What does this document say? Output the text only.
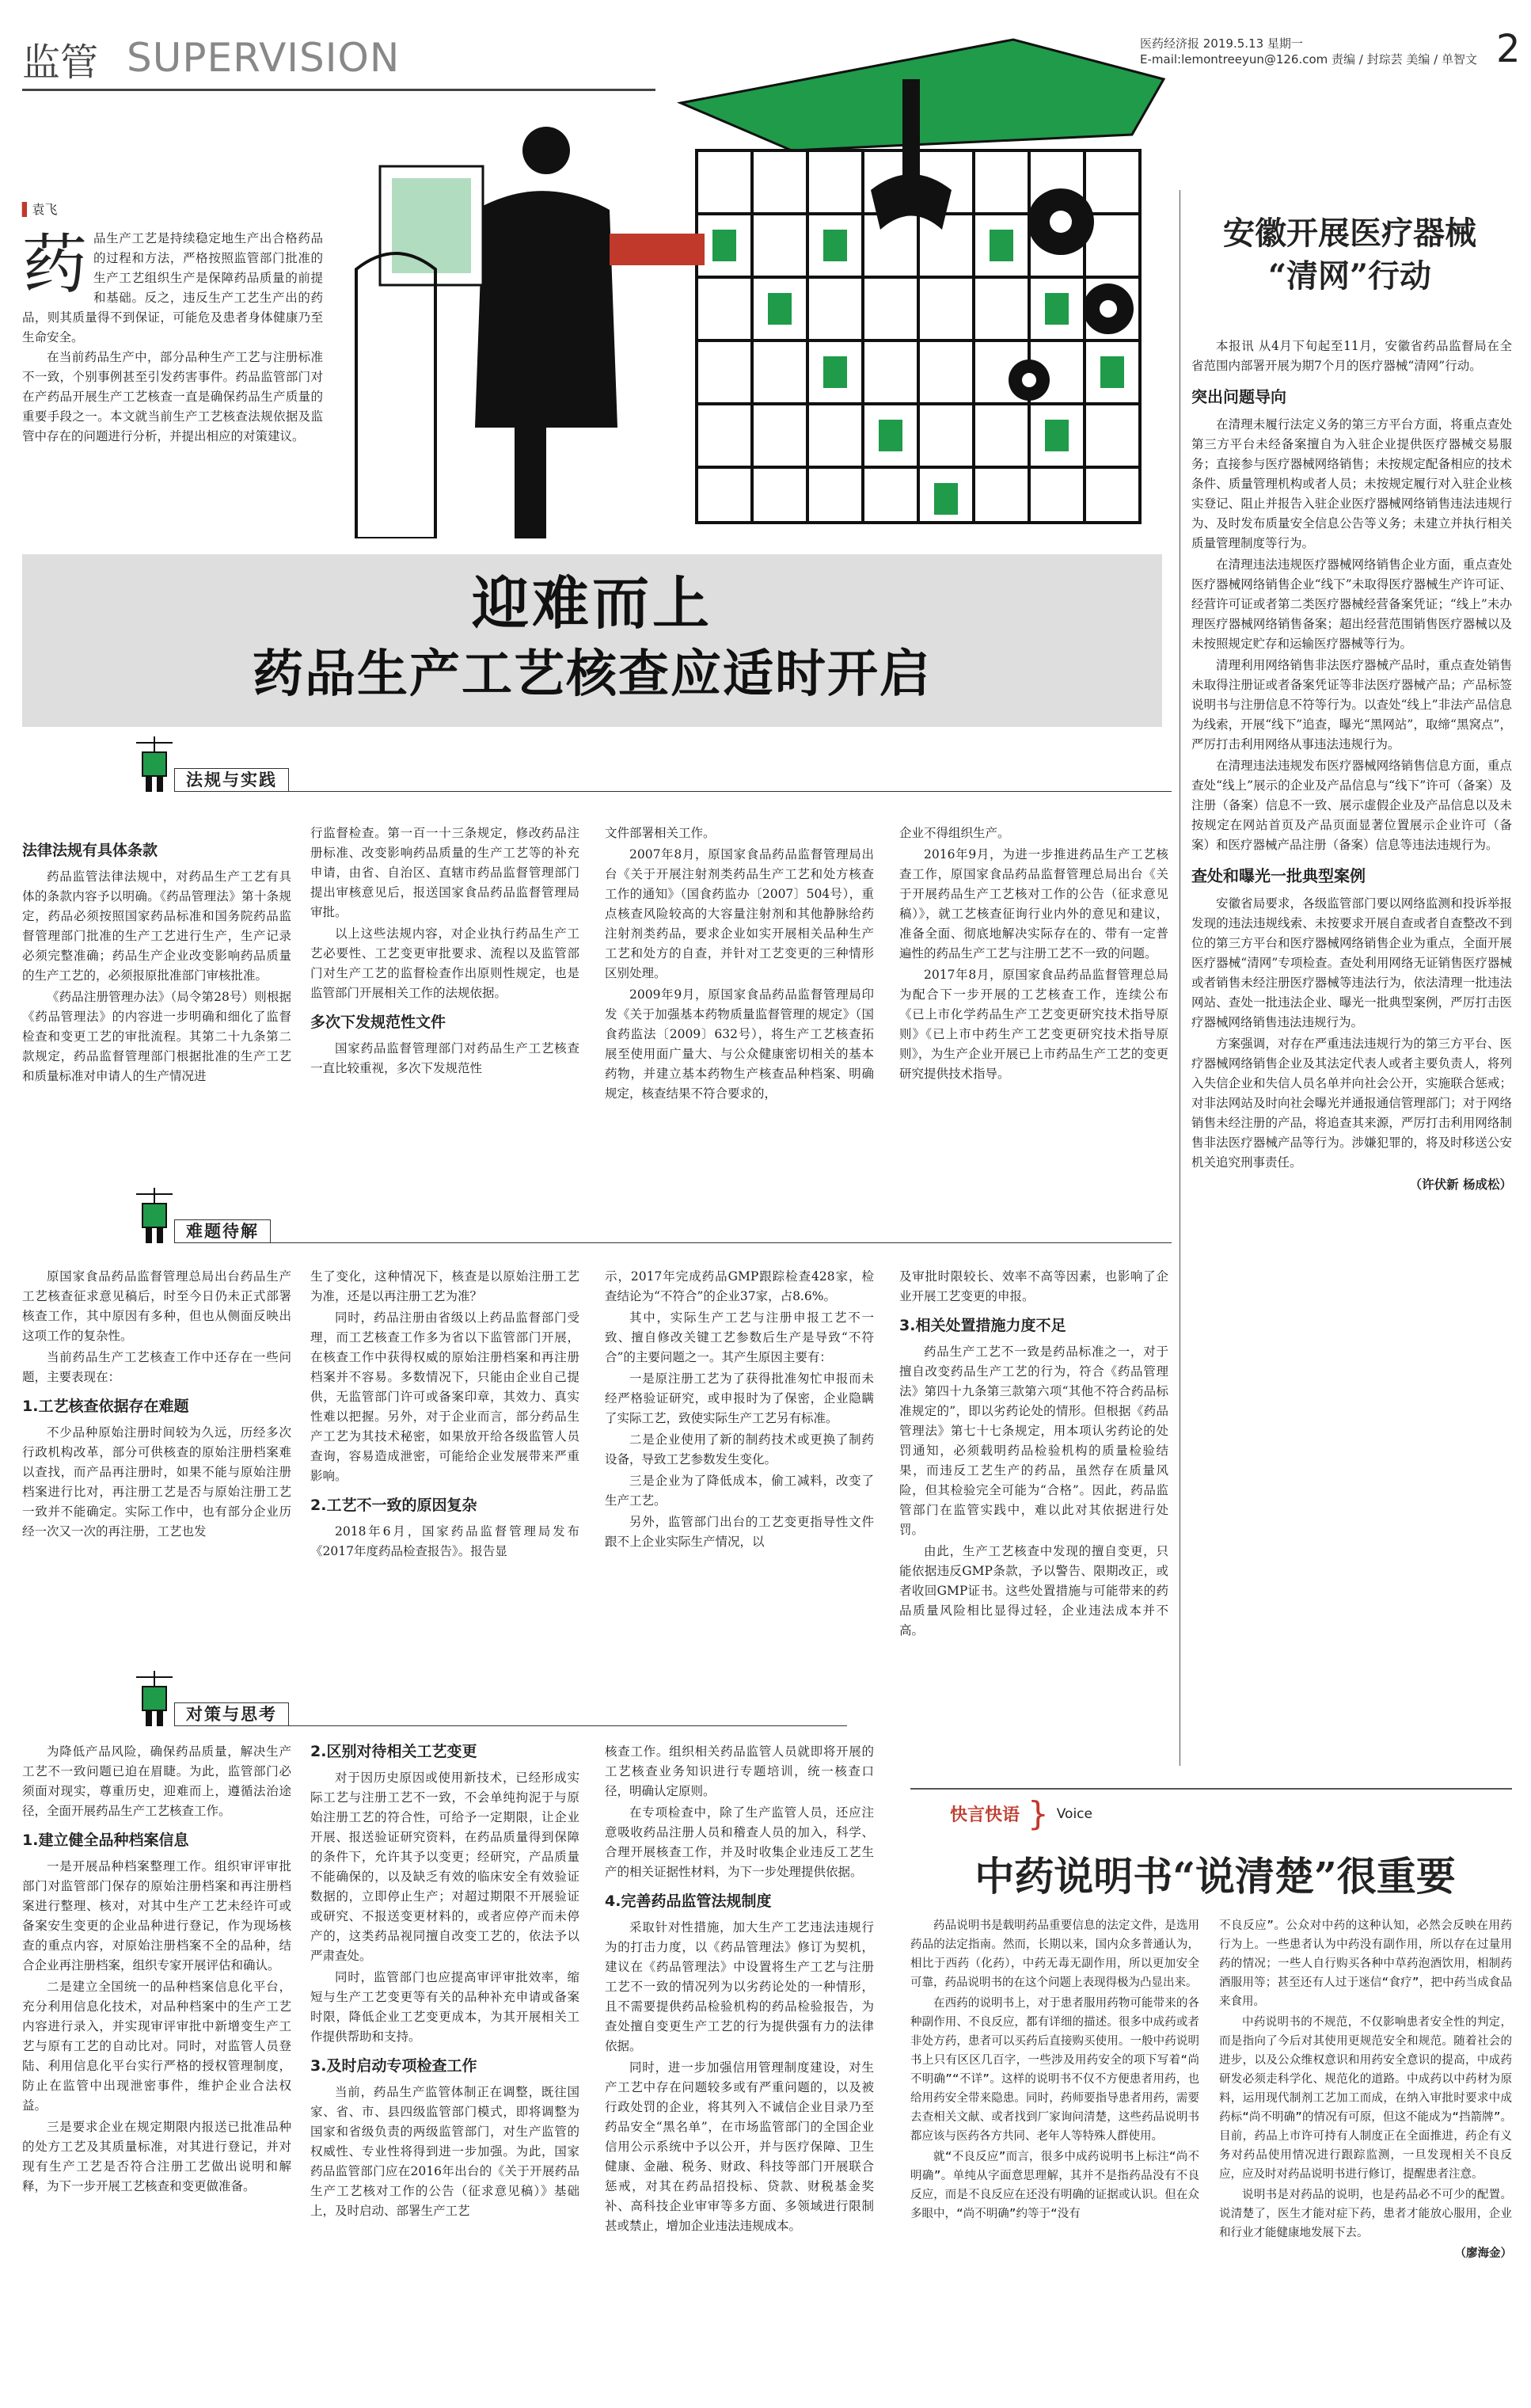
监管 SUPERVISION	医药经济报 2019.5.13 星期一
E-mail:lemontreeyun@126.com 责编 / 封琮芸 美编 / 单智文 2
▌袁飞
药 品生产工艺是持续稳定地生产出合格药品的过程和方法，严格按照监管部门批准的生产工艺组织生产是保障药品质量的前提和基础。反之，违反生产工艺生产出的药品，则其质量得不到保证，可能危及患者身体健康乃至生命安全。

在当前药品生产中，部分品种生产工艺与注册标准不一致，个别事例甚至引发药害事件。药品监管部门对在产药品开展生产工艺核查一直是确保药品生产质量的重要手段之一。本文就当前生产工艺核查法规依据及监管中存在的问题进行分析，并提出相应的对策建议。

迎难而上
药品生产工艺核查应适时开启
法规与实践
法律法规有具体条款

药品监管法律法规中，对药品生产工艺有具体的条款内容予以明确。《药品管理法》第十条规定，药品必须按照国家药品标准和国务院药品监督管理部门批准的生产工艺进行生产，生产记录必须完整准确；药品生产企业改变影响药品质量的生产工艺的，必须报原批准部门审核批准。

《药品注册管理办法》（局令第28号）则根据《药品管理法》的内容进一步明确和细化了监督检查和变更工艺的审批流程。其第二十九条第二款规定，药品监督管理部门根据批准的生产工艺和质量标准对申请人的生产情况进

行监督检查。第一百一十三条规定，修改药品注册标准、改变影响药品质量的生产工艺等的补充申请，由省、自治区、直辖市药品监督管理部门提出审核意见后，报送国家食品药品监督管理局审批。

以上这些法规内容，对企业执行药品生产工艺必要性、工艺变更审批要求、流程以及监管部门对生产工艺的监督检查作出原则性规定，也是监管部门开展相关工作的法规依据。

多次下发规范性文件

国家药品监督管理部门对药品生产工艺核查一直比较重视，多次下发规范性

文件部署相关工作。

2007年8月，原国家食品药品监督管理局出台《关于开展注射剂类药品生产工艺和处方核查工作的通知》（国食药监办〔2007〕504号），重点核查风险较高的大容量注射剂和其他静脉给药注射剂类药品，要求企业如实开展相关品种生产工艺和处方的自查，并针对工艺变更的三种情形区别处理。

2009年9月，原国家食品药品监督管理局印发《关于加强基本药物质量监督管理的规定》（国食药监法〔2009〕632号），将生产工艺核查拓展至使用面广量大、与公众健康密切相关的基本药物，并建立基本药物生产核查品种档案、明确规定，核查结果不符合要求的，

企业不得组织生产。

2016年9月，为进一步推进药品生产工艺核查工作，原国家食品药品监督管理总局出台《关于开展药品生产工艺核对工作的公告（征求意见稿）》，就工艺核查征询行业内外的意见和建议，准备全面、彻底地解决实际存在的、带有一定普遍性的药品生产工艺与注册工艺不一致的问题。

2017年8月，原国家食品药品监督管理总局为配合下一步开展的工艺核查工作，连续公布《已上市化学药品生产工艺变更研究技术指导原则》《已上市中药生产工艺变更研究技术指导原则》，为生产企业开展已上市药品生产工艺的变更研究提供技术指导。

难题待解

原国家食品药品监督管理总局出台药品生产工艺核查征求意见稿后，时至今日仍未正式部署核查工作，其中原因有多种，但也从侧面反映出这项工作的复杂性。

当前药品生产工艺核查工作中还存在一些问题，主要表现在：

1.工艺核查依据存在难题

不少品种原始注册时间较为久远，历经多次行政机构改革，部分可供核查的原始注册档案难以查找，而产品再注册时，如果不能与原始注册档案进行比对，再注册工艺是否与原始注册工艺一致并不能确定。实际工作中，也有部分企业历经一次又一次的再注册，工艺也发

生了变化，这种情况下，核查是以原始注册工艺为准，还是以再注册工艺为准？

同时，药品注册由省级以上药品监督部门受理，而工艺核查工作多为省以下监管部门开展，在核查工作中获得权威的原始注册档案和再注册档案并不容易。多数情况下，只能由企业自己提供，无监管部门许可或备案印章，其效力、真实性难以把握。另外，对于企业而言，部分药品生产工艺为其技术秘密，如果放开给各级监管人员查询，容易造成泄密，可能给企业发展带来严重影响。

2.工艺不一致的原因复杂

2018年6月，国家药品监督管理局发布《2017年度药品检查报告》。报告显

示，2017年完成药品GMP跟踪检查428家，检查结论为“不符合”的企业37家，占8.6%。

其中，实际生产工艺与注册申报工艺不一致、擅自修改关键工艺参数后生产是导致“不符合”的主要问题之一。其产生原因主要有：

一是原注册工艺为了获得批准匆忙申报而未经严格验证研究，或申报时为了保密，企业隐瞒了实际工艺，致使实际生产工艺另有标准。

二是企业使用了新的制药技术或更换了制药设备，导致工艺参数发生变化。

三是企业为了降低成本，偷工减料，改变了生产工艺。

另外，监管部门出台的工艺变更指导性文件跟不上企业实际生产情况，以

及审批时限较长、效率不高等因素，也影响了企业开展工艺变更的申报。

3.相关处置措施力度不足

药品生产工艺不一致是药品标准之一，对于擅自改变药品生产工艺的行为，符合《药品管理法》第四十九条第三款第六项“其他不符合药品标准规定的”，即以劣药论处的情形。但根据《药品管理法》第七十七条规定，用本项认劣药论的处罚通知，必须载明药品检验机构的质量检验结果，而违反工艺生产的药品，虽然存在质量风险，但其检验完全可能为“合格”。因此，药品监管部门在监管实践中，难以此对其依据进行处罚。

由此，生产工艺核查中发现的擅自变更，只能依据违反GMP条款，予以警告、限期改正，或者收回GMP证书。这些处置措施与可能带来的药品质量风险相比显得过轻，企业违法成本并不高。

对策与思考

为降低产品风险，确保药品质量，解决生产工艺不一致问题已迫在眉睫。为此，监管部门必须面对现实，尊重历史，迎难而上，遵循法治途径，全面开展药品生产工艺核查工作。

1.建立健全品种档案信息

一是开展品种档案整理工作。组织审评审批部门对监管部门保存的原始注册档案和再注册档案进行整理、核对，对其中生产工艺未经许可或备案安生变更的企业品种进行登记，作为现场核查的重点内容，对原始注册档案不全的品种，结合企业再注册档案，组织专家开展评估和确认。

二是建立全国统一的品种档案信息化平台，充分利用信息化技术，对品种档案中的生产工艺内容进行录入，并实现审评审批中新增变生产工艺与原有工艺的自动比对。同时，对监管人员登陆、利用信息化平台实行严格的授权管理制度，防止在监管中出现泄密事件，维护企业合法权益。

三是要求企业在规定期限内报送已批准品种的处方工艺及其质量标准，对其进行登记，并对现有生产工艺是否符合注册工艺做出说明和解释，为下一步开展工艺核查和变更做准备。

2.区别对待相关工艺变更

对于因历史原因或使用新技术，已经形成实际工艺与注册工艺不一致，不会单纯拘泥于与原始注册工艺的符合性，可给予一定期限，让企业开展、报送验证研究资料，在药品质量得到保障的条件下，允许其予以变更；经研究，产品质量不能确保的，以及缺乏有效的临床安全有效验证数据的，立即停止生产；对超过期限不开展验证或研究、不报送变更材料的，或者应停产而未停产的，这类药品视同擅自改变工艺的，依法予以严肃查处。

同时，监管部门也应提高审评审批效率，缩短与生产工艺变更等有关的品种补充申请或备案时限，降低企业工艺变更成本，为其开展相关工作提供帮助和支持。

3.及时启动专项检查工作

当前，药品生产监管体制正在调整，既往国家、省、市、县四级监管部门模式，即将调整为国家和省级负责的两级监管部门，对生产监管的权威性、专业性将得到进一步加强。为此，国家药品监管部门应在2016年出台的《关于开展药品生产工艺核对工作的公告（征求意见稿）》基础上，及时启动、部署生产工艺

核查工作。组织相关药品监管人员就即将开展的工艺核查业务知识进行专题培训，统一核查口径，明确认定原则。

在专项检查中，除了生产监管人员，还应注意吸收药品注册人员和稽查人员的加入，科学、合理开展核查工作，并及时收集企业违反工艺生产的相关证据性材料，为下一步处理提供依据。

4.完善药品监管法规制度

采取针对性措施，加大生产工艺违法违规行为的打击力度，以《药品管理法》修订为契机，建议在《药品管理法》中设置将生产工艺与注册工艺不一致的情况列为以劣药论处的一种情形，且不需要提供药品检验机构的药品检验报告，为查处擅自变更生产工艺的行为提供强有力的法律依据。

同时，进一步加强信用管理制度建设，对生产工艺中存在问题较多或有严重问题的，以及被行政处罚的企业，将其列入不诚信企业目录乃至药品安全“黑名单”，在市场监管部门的全国企业信用公示系统中予以公开，并与医疗保障、卫生健康、金融、税务、财政、科技等部门开展联合惩戒，对其在药品招投标、贷款、财税基金奖补、高科技企业审审等多方面、多领域进行限制甚或禁止，增加企业违法违规成本。

安徽开展医疗器械
“清网”行动

本报讯 从4月下旬起至11月，安徽省药品监督局在全省范围内部署开展为期7个月的医疗器械“清网”行动。

突出问题导向

在清理未履行法定义务的第三方平台方面，将重点查处第三方平台未经备案擅自为入驻企业提供医疗器械交易服务；直接参与医疗器械网络销售；未按规定配备相应的技术条件、质量管理机构或者人员；未按规定履行对入驻企业核实登记、阻止并报告入驻企业医疗器械网络销售违法违规行为、及时发布质量安全信息公告等义务；未建立并执行相关质量管理制度等行为。

在清理违法违规医疗器械网络销售企业方面，重点查处医疗器械网络销售企业“线下”未取得医疗器械生产许可证、经营许可证或者第二类医疗器械经营备案凭证；“线上”未办理医疗器械网络销售备案；超出经营范围销售医疗器械以及未按照规定贮存和运输医疗器械等行为。

清理利用网络销售非法医疗器械产品时，重点查处销售未取得注册证或者备案凭证等非法医疗器械产品；产品标签说明书与注册信息不符等行为。以查处“线上”非法产品信息为线索，开展“线下”追查，曝光“黑网站”，取缔“黑窝点”，严厉打击利用网络从事违法违规行为。

在清理违法违规发布医疗器械网络销售信息方面，重点查处“线上”展示的企业及产品信息与“线下”许可（备案）及注册（备案）信息不一致、展示虚假企业及产品信息以及未按规定在网站首页及产品页面显著位置展示企业许可（备案）和医疗器械产品注册（备案）信息等违法违规行为。

查处和曝光一批典型案例

安徽省局要求，各级监管部门要以网络监测和投诉举报发现的违法违规线索、未按要求开展自查或者自查整改不到位的第三方平台和医疗器械网络销售企业为重点，全面开展医疗器械“清网”专项检查。查处利用网络无证销售医疗器械或者销售未经注册医疗器械等违法行为，依法清理一批违法网站、查处一批违法企业、曝光一批典型案例，严厉打击医疗器械网络销售违法违规行为。

方案强调，对存在严重违法违规行为的第三方平台、医疗器械网络销售企业及其法定代表人或者主要负责人，将列入失信企业和失信人员名单并向社会公开，实施联合惩戒；对非法网站及时向社会曝光并通报通信管理部门；对于网络销售未经注册的产品，将追查其来源，严厉打击利用网络制售非法医疗器械产品等行为。涉嫌犯罪的，将及时移送公安机关追究刑事责任。

（许伏新 杨成松）

快言快语 } Voice
中药说明书“说清楚”很重要

药品说明书是载明药品重要信息的法定文件，是选用药品的法定指南。然而，长期以来，国内众多普通认为，相比于西药（化药），中药无毒无副作用，所以更加安全可靠，药品说明书的在这个问题上表现得极为凸显出来。

在西药的说明书上，对于患者服用药物可能带来的各种副作用、不良反应，都有详细的描述。很多中成药或者非处方药，患者可以买药后直接购买使用。一般中药说明书上只有区区几百字，一些涉及用药安全的项下写着“尚不明确”“不详”。这样的说明书不仅不方便患者用药，也给用药安全带来隐患。同时，药师要指导患者用药，需要去查相关文献、或者找到厂家询问清楚，这些药品说明书都应该与医药各方共同、老年人等特殊人群使用。

就“不良反应”而言，很多中成药说明书上标注“尚不明确”。单纯从字面意思理解，其并不是指药品没有不良反应，而是不良反应在还没有明确的证据或认识。但在众多眼中，“尚不明确”约等于“没有

不良反应”。公众对中药的这种认知，必然会反映在用药行为上。一些患者认为中药没有副作用，所以存在过量用药的情况；一些人自行购买各种中草药泡酒饮用，相制药酒服用等；甚至还有人过于迷信“食疗”，把中药当成食品来食用。

中药说明书的不规范，不仅影响患者安全性的判定，而是指向了今后对其使用更规范安全和规范。随着社会的进步，以及公众维权意识和用药安全意识的提高，中成药研发必须走科学化、规范化的道路。中成药以中药材为原料，运用现代制剂工艺加工而成，在纳入审批时要求中成药标“尚不明确”的情况有可原，但这不能成为“挡箭牌”。目前，药品上市许可持有人制度正在全面推进，药企有义务对药品使用情况进行跟踪监测，一旦发现相关不良反应，应及时对药品说明书进行修订，提醒患者注意。

说明书是对药品的说明，也是药品必不可少的配置。说清楚了，医生才能对症下药，患者才能放心服用，企业和行业才能健康地发展下去。

（廖海金）
